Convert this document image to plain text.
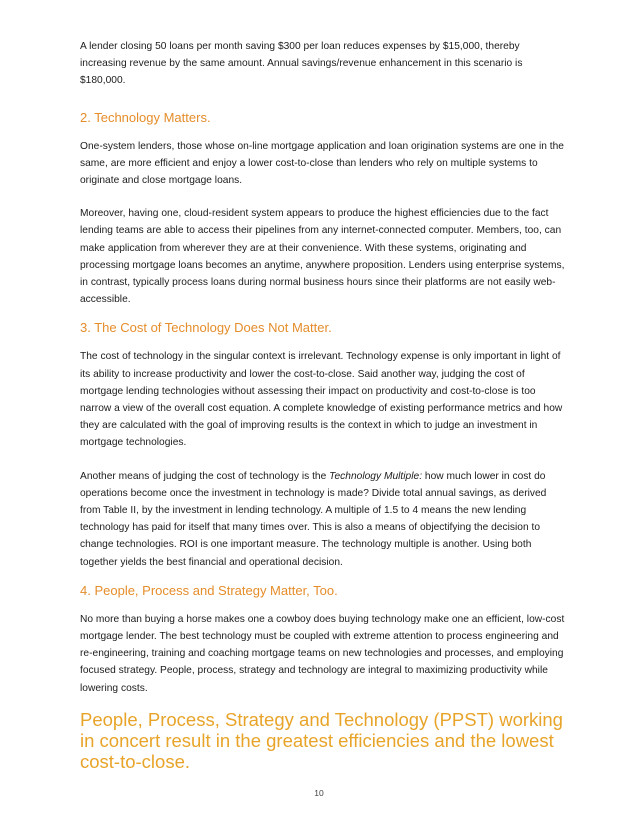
A lender closing 50 loans per month saving $300 per loan reduces expenses by $15,000, thereby increasing revenue by the same amount. Annual savings/revenue enhancement in this scenario is $180,000.

2. Technology Matters.

One-system lenders, those whose on-line mortgage application and loan origination systems are one in the same, are more efficient and enjoy a lower cost-to-close than lenders who rely on multiple systems to originate and close mortgage loans.

Moreover, having one, cloud-resident system appears to produce the highest efficiencies due to the fact lending teams are able to access their pipelines from any internet-connected computer. Members, too, can make application from wherever they are at their convenience. With these systems, originating and processing mortgage loans becomes an anytime, anywhere proposition. Lenders using enterprise systems, in contrast, typically process loans during normal business hours since their platforms are not easily web-accessible.

3. The Cost of Technology Does Not Matter.

The cost of technology in the singular context is irrelevant. Technology expense is only important in light of its ability to increase productivity and lower the cost-to-close. Said another way, judging the cost of mortgage lending technologies without assessing their impact on productivity and cost-to-close is too narrow a view of the overall cost equation. A complete knowledge of existing performance metrics and how they are calculated with the goal of improving results is the context in which to judge an investment in mortgage technologies.

Another means of judging the cost of technology is the Technology Multiple: how much lower in cost do operations become once the investment in technology is made? Divide total annual savings, as derived from Table II, by the investment in lending technology. A multiple of 1.5 to 4 means the new lending technology has paid for itself that many times over. This is also a means of objectifying the decision to change technologies. ROI is one important measure. The technology multiple is another. Using both together yields the best financial and operational decision.

4. People, Process and Strategy Matter, Too.

No more than buying a horse makes one a cowboy does buying technology make one an efficient, low-cost mortgage lender. The best technology must be coupled with extreme attention to process engineering and re-engineering, training and coaching mortgage teams on new technologies and processes, and employing focused strategy. People, process, strategy and technology are integral to maximizing productivity while lowering costs.

People, Process, Strategy and Technology (PPST) working in concert result in the greatest efficiencies and the lowest cost-to-close.
10
